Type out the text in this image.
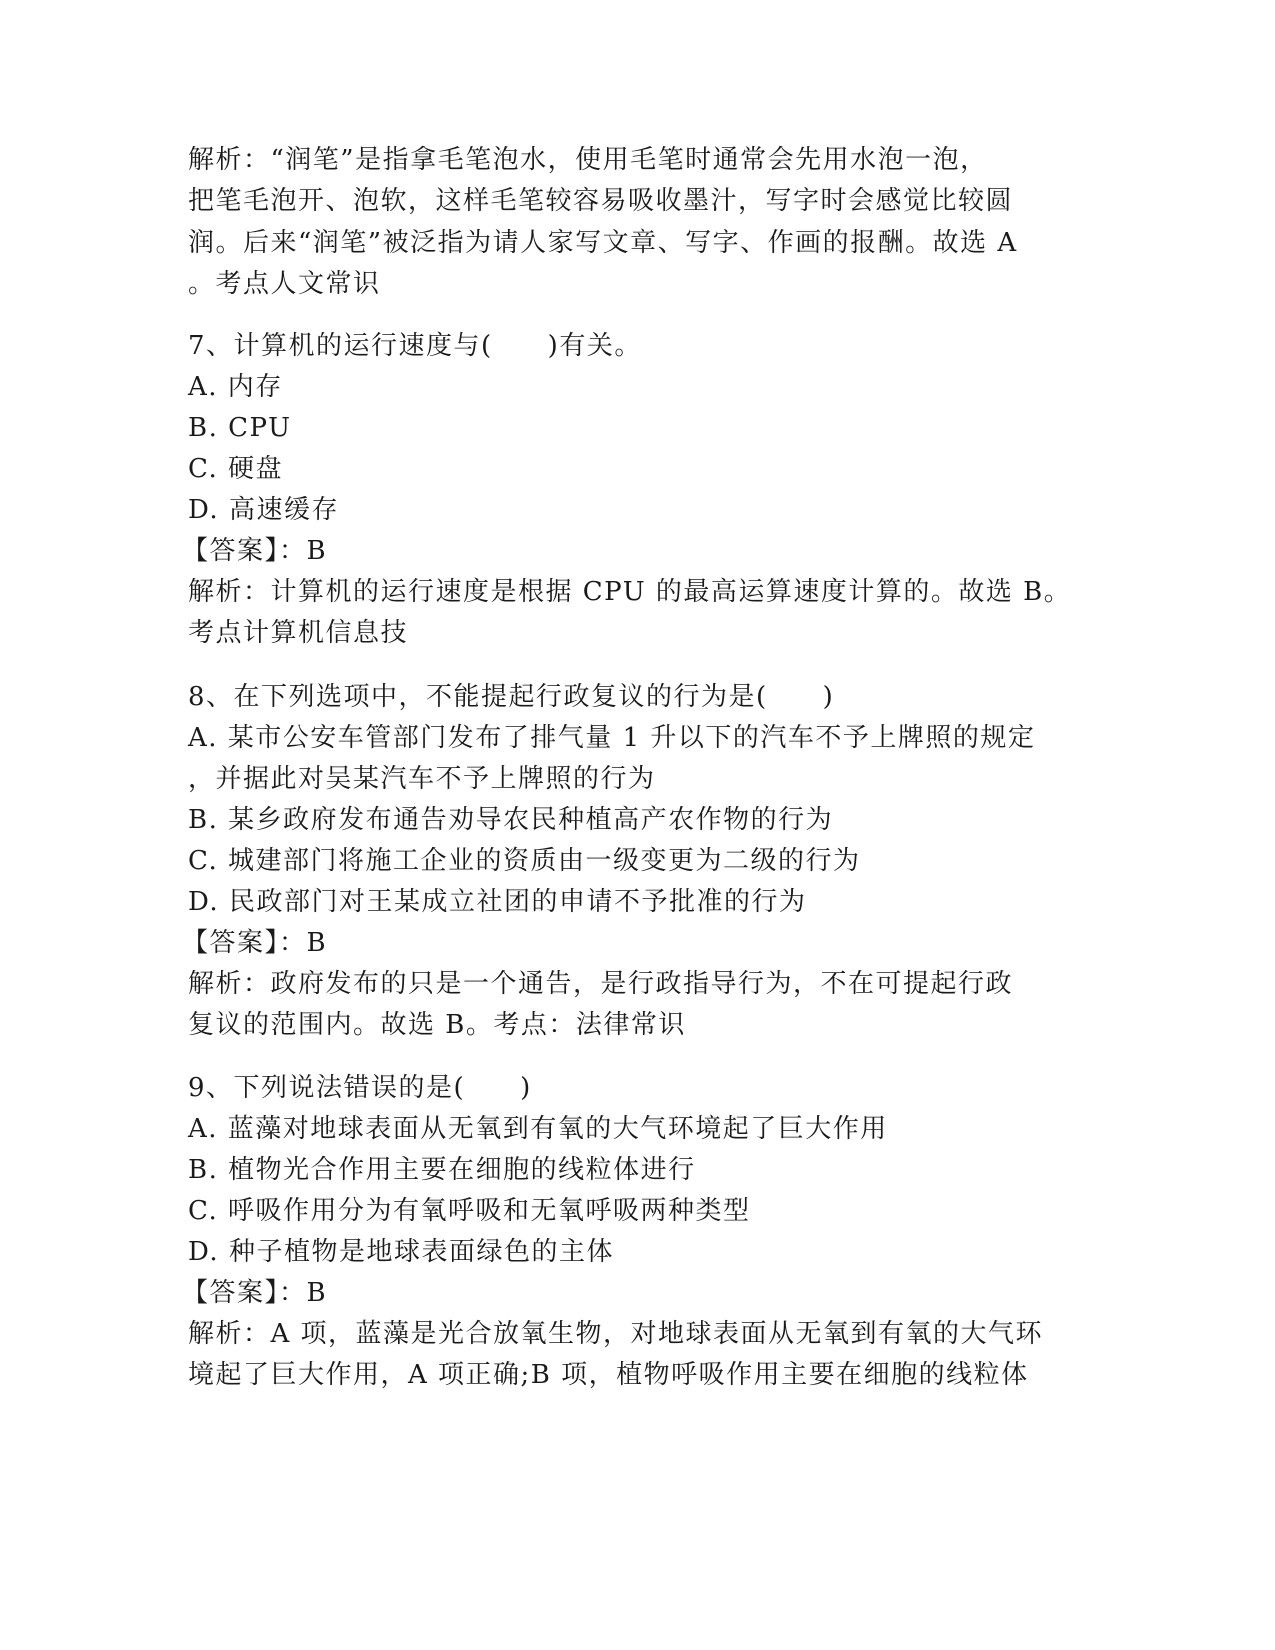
解析：“润笔”是指拿毛笔泡水，使用毛笔时通常会先用水泡一泡，
把笔毛泡开、泡软，这样毛笔较容易吸收墨汁，写字时会感觉比较圆
润。后来“润笔”被泛指为请人家写文章、写字、作画的报酬。故选 A
。考点人文常识
7、计算机的运行速度与(　　)有关。
A. 内存
B. CPU
C. 硬盘
D. 高速缓存
【答案】：B
解析：计算机的运行速度是根据 CPU 的最高运算速度计算的。故选 B。
考点计算机信息技
8、在下列选项中，不能提起行政复议的行为是(　　)
A. 某市公安车管部门发布了排气量 1 升以下的汽车不予上牌照的规定
，并据此对吴某汽车不予上牌照的行为
B. 某乡政府发布通告劝导农民种植高产农作物的行为
C. 城建部门将施工企业的资质由一级变更为二级的行为
D. 民政部门对王某成立社团的申请不予批准的行为
【答案】：B
解析：政府发布的只是一个通告，是行政指导行为，不在可提起行政
复议的范围内。故选 B。考点：法律常识
9、下列说法错误的是(　　)
A. 蓝藻对地球表面从无氧到有氧的大气环境起了巨大作用
B. 植物光合作用主要在细胞的线粒体进行
C. 呼吸作用分为有氧呼吸和无氧呼吸两种类型
D. 种子植物是地球表面绿色的主体
【答案】：B
解析：A 项，蓝藻是光合放氧生物，对地球表面从无氧到有氧的大气环
境起了巨大作用，A 项正确;B 项，植物呼吸作用主要在细胞的线粒体
